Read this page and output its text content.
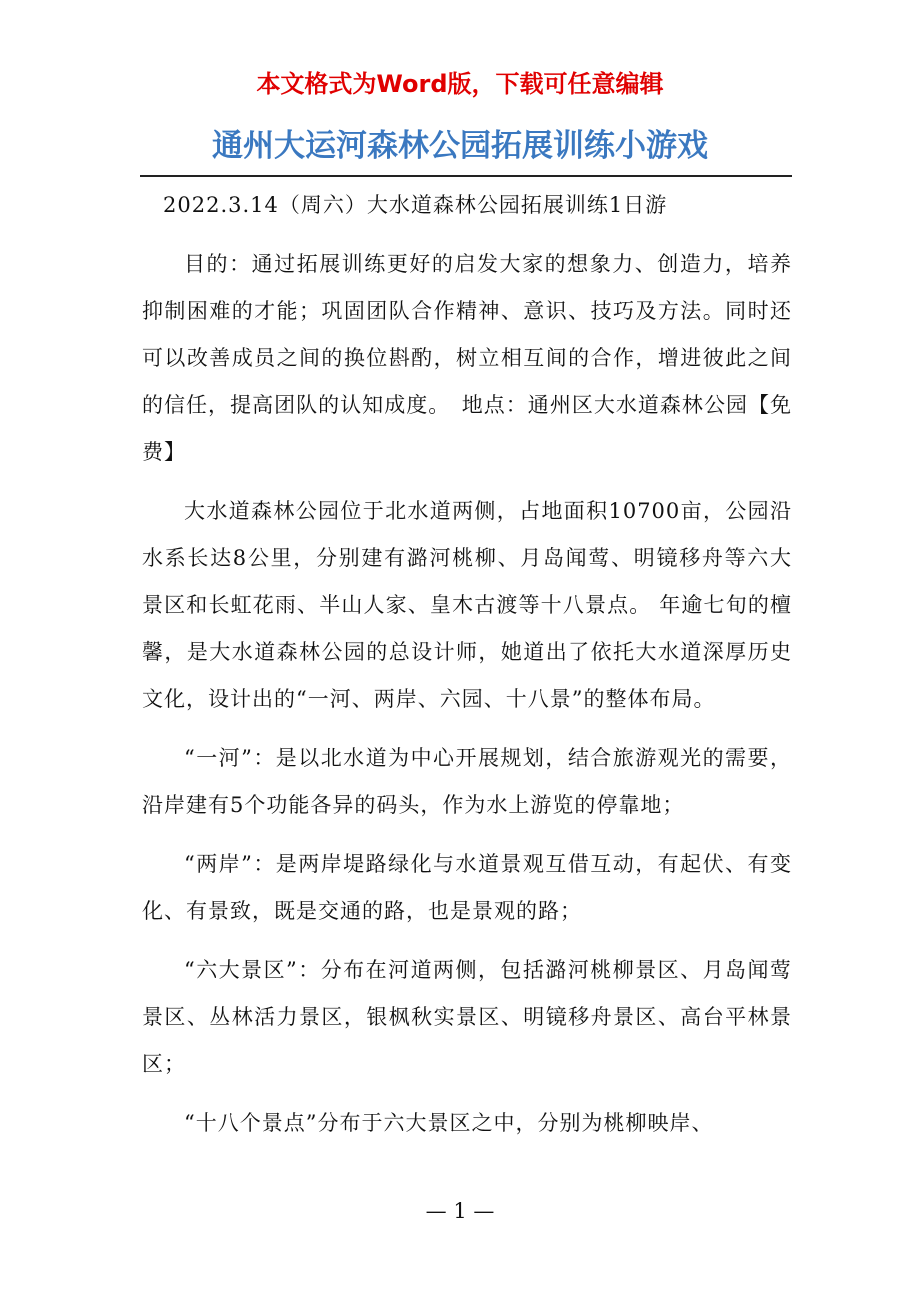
本文格式为Word版，下载可任意编辑
通州大运河森林公园拓展训练小游戏

2022.3.14（周六）大水道森林公园拓展训练1日游

目的：通过拓展训练更好的启发大家的想象力、创造力，培养抑制困难的才能；巩固团队合作精神、意识、技巧及方法。同时还可以改善成员之间的换位斟酌，树立相互间的合作，增进彼此之间的信任，提高团队的认知成度。　地点：通州区大水道森林公园【免费】

大水道森林公园位于北水道两侧，占地面积10700亩，公园沿水系长达8公里，分别建有潞河桃柳、月岛闻莺、明镜移舟等六大景区和长虹花雨、半山人家、皇木古渡等十八景点。 年逾七旬的檀馨，是大水道森林公园的总设计师，她道出了依托大水道深厚历史文化，设计出的“一河、两岸、六园、十八景”的整体布局。

“一河”：是以北水道为中心开展规划，结合旅游观光的需要，沿岸建有5个功能各异的码头，作为水上游览的停靠地；

“两岸”：是两岸堤路绿化与水道景观互借互动，有起伏、有变化、有景致，既是交通的路，也是景观的路；

“六大景区”：分布在河道两侧，包括潞河桃柳景区、月岛闻莺景区、丛林活力景区，银枫秋实景区、明镜移舟景区、高台平林景区；

“十八个景点”分布于六大景区之中，分别为桃柳映岸、

— 1 —
